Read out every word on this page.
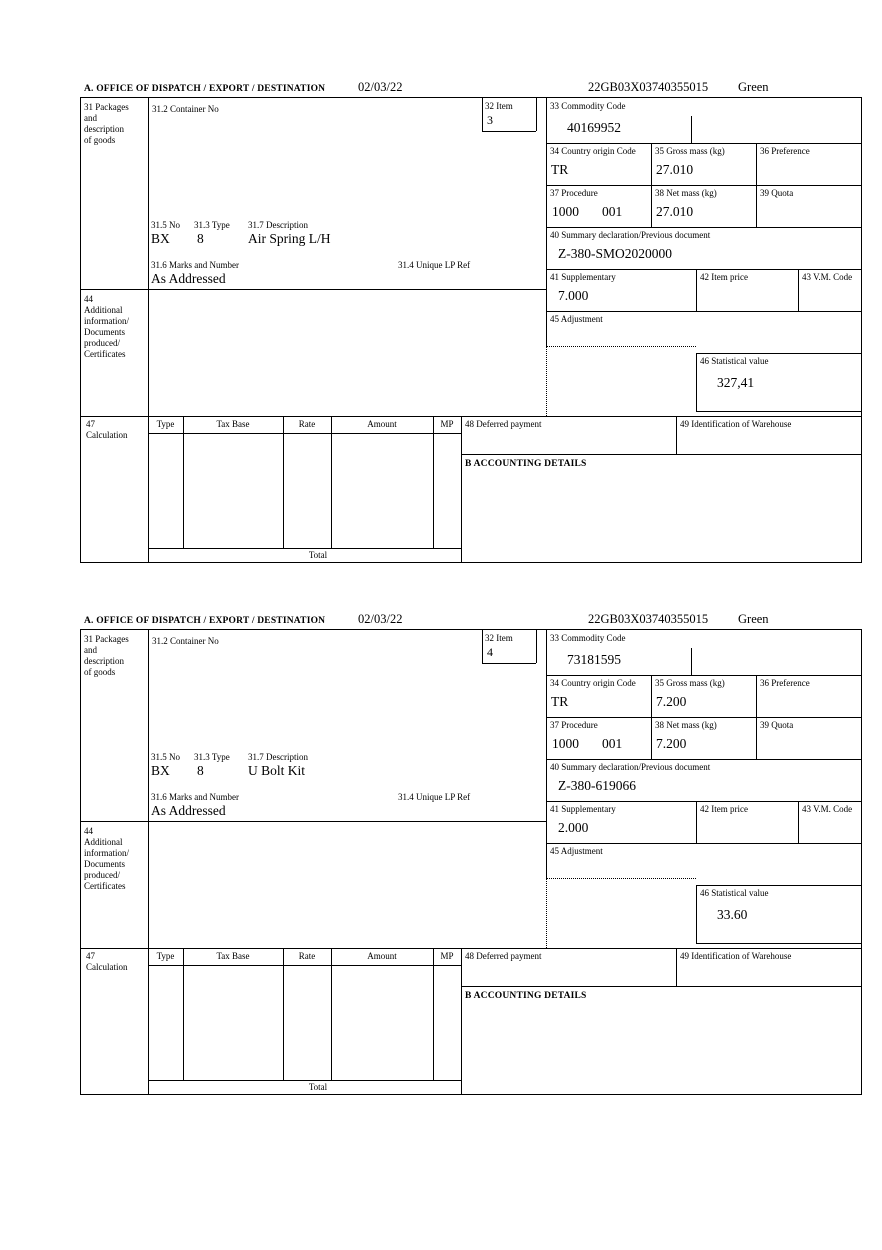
A. OFFICE OF DISPATCH / EXPORT / DESTINATION	02/03/22	22GB03X03740355015 Green
31 Packages
and
description
of goods
31.2 Container No	32 Item
3
33 Commodity Code
40169952
34 Country origin Code
TR
35 Gross mass (kg)
27.010
36 Preference
37 Procedure
1000 001
38 Net mass (kg)
27.010
39 Quota
31.5 No 31.3 Type 31.7 Description
BX 8	Air Spring L/H	40 Summary declaration/Previous document
Z-380-SMO2020000
31.6 Marks and Number	31.4 Unique LP Ref
As Addressed	41 Supplementary
7.000
42 Item price	43 V.M. Code
44
Additional
information/
Documents
produced/
Certificates
45 Adjustment
46 Statistical value
327,41
47
Calculation
Type	Tax Base	Rate	Amount	MP
Total
48 Deferred payment	49 Identification of Warehouse
B ACCOUNTING DETAILS
A. OFFICE OF DISPATCH / EXPORT / DESTINATION	02/03/22	22GB03X03740355015 Green
31 Packages
and
description
of goods
31.2 Container No	32 Item
4
33 Commodity Code
73181595
34 Country origin Code
TR
35 Gross mass (kg)
7.200
36 Preference
37 Procedure
1000 001
38 Net mass (kg)
7.200
39 Quota
31.5 No 31.3 Type 31.7 Description
BX 8	U Bolt Kit	40 Summary declaration/Previous document
Z-380-619066
31.6 Marks and Number	31.4 Unique LP Ref
As Addressed	41 Supplementary
2.000
42 Item price	43 V.M. Code
44
Additional
information/
Documents
produced/
Certificates
45 Adjustment
46 Statistical value
33.60
47
Calculation
Type	Tax Base	Rate	Amount	MP
Total
48 Deferred payment	49 Identification of Warehouse
B ACCOUNTING DETAILS
